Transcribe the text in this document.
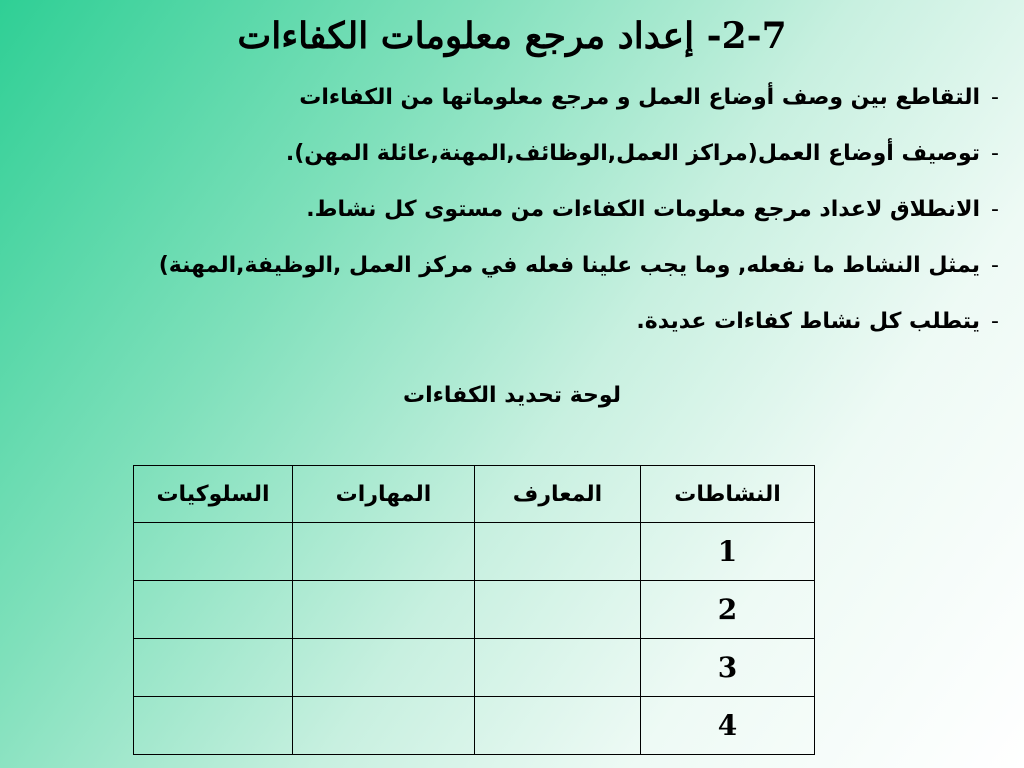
2-7- إعداد مرجع معلومات الكفاءات
-التقاطع بين وصف أوضاع العمل و مرجع معلوماتها من الكفاءات
-توصيف أوضاع العمل(مراكز العمل,الوظائف,المهنة,عائلة المهن).
-الانطلاق لاعداد مرجع معلومات الكفاءات من مستوى كل نشاط.
-يمثل النشاط ما نفعله, وما يجب علينا فعله في مركز العمل ,الوظيفة,المهنة)
-يتطلب كل نشاط كفاءات عديدة.
لوحة تحديد الكفاءات
النشاطات	المعارف	المهارات	السلوكيات
1			
2			
3			
4			
